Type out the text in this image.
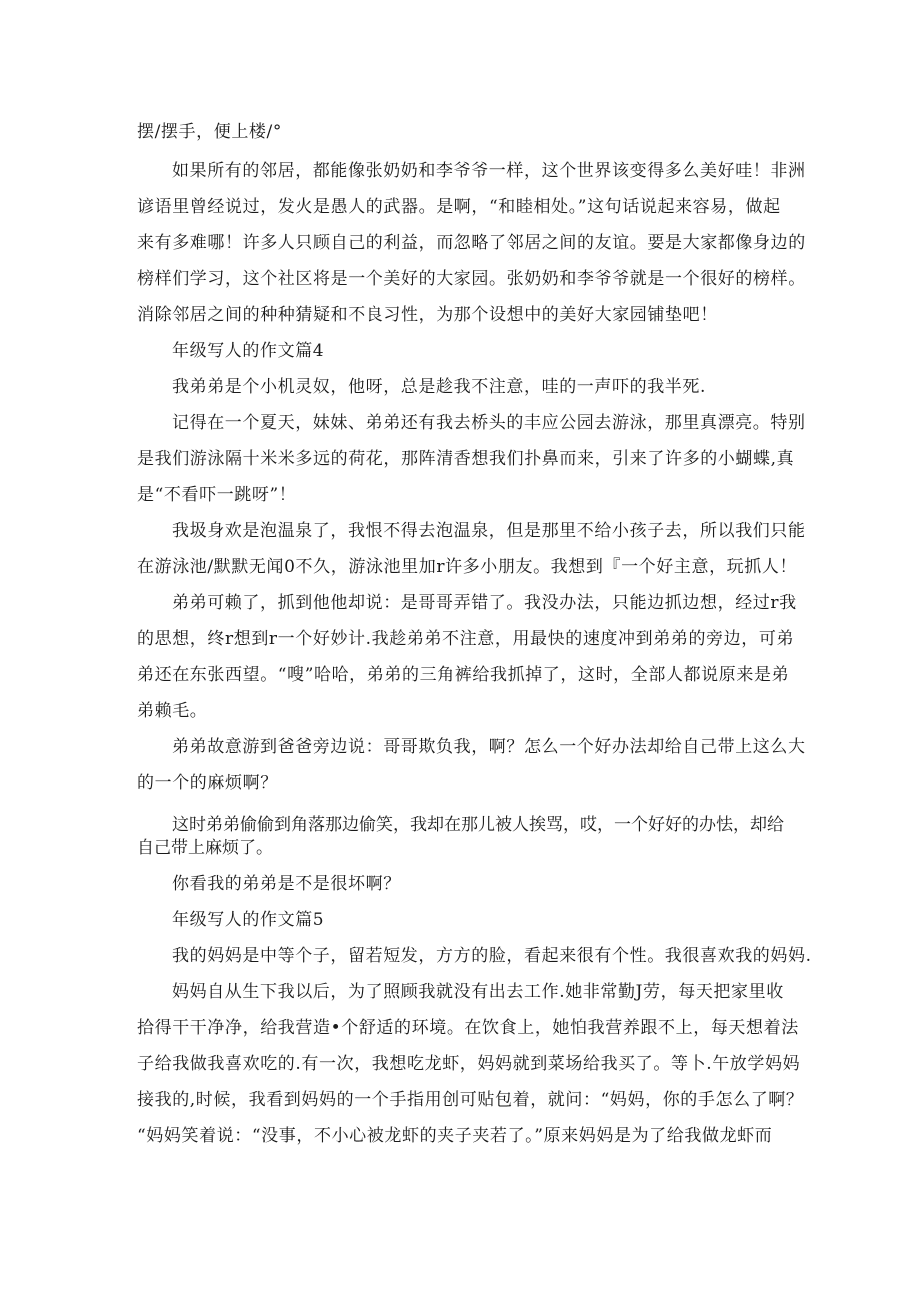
摆/摆手，便上楼/°
如果所有的邻居，都能像张奶奶和李爷爷一样，这个世界该变得多么美好哇！非洲
谚语里曾经说过，发火是愚人的武器。是啊，“和睦相处。”这句话说起来容易，做起
来有多难哪！许多人只顾自己的利益，而忽略了邻居之间的友谊。要是大家都像身边的
榜样们学习，这个社区将是一个美好的大家园。张奶奶和李爷爷就是一个很好的榜样。
消除邻居之间的种种猜疑和不良习性，为那个设想中的美好大家园铺垫吧！
年级写人的作文篇4
我弟弟是个小机灵奴，他呀，总是趁我不注意，哇的一声吓的我半死.
记得在一个夏天，妹妹、弟弟还有我去桥头的丰应公园去游泳，那里真漂亮。特别
是我们游泳隔十米米多远的荷花，那阵清香想我们扑鼻而来，引来了许多的小蝴蝶,真
是“不看吓一跳呀”！
我圾身欢是泡温泉了，我恨不得去泡温泉，但是那里不给小孩子去，所以我们只能
在游泳池/默默无闻0不久，游泳池里加r许多小朋友。我想到『一个好主意，玩抓人！
弟弟可赖了，抓到他他却说：是哥哥弄错了。我没办法，只能边抓边想，经过r我
的思想，终r想到r一个好妙计.我趁弟弟不注意，用最快的速度冲到弟弟的旁边，可弟
弟还在东张西望。“嗖”哈哈，弟弟的三角裤给我抓掉了，这时，全部人都说原来是弟
弟赖毛。
弟弟故意游到爸爸旁边说：哥哥欺负我，啊？怎么一个好办法却给自己带上这么大
的一个的麻烦啊？
这时弟弟偷偷到角落那边偷笑，我却在那儿被人挨骂，哎，一个好好的办怯，却给
自己带上麻烦了。
你看我的弟弟是不是很坏啊？
年级写人的作文篇5
我的妈妈是中等个子，留若短发，方方的脸，看起来很有个性。我很喜欢我的妈妈.
妈妈自从生下我以后，为了照顾我就没有出去工作.她非常勤J劳，每天把家里收
拾得干干净净，给我营造•个舒适的环境。在饮食上，她怕我营养跟不上，每天想着法
子给我做我喜欢吃的.有一次，我想吃龙虾，妈妈就到菜场给我买了。等卜.午放学妈妈
接我的,时候，我看到妈妈的一个手指用创可贴包着，就问：“妈妈，你的手怎么了啊？
“妈妈笑着说：“没事，不小心被龙虾的夹子夹若了。”原来妈妈是为了给我做龙虾而
